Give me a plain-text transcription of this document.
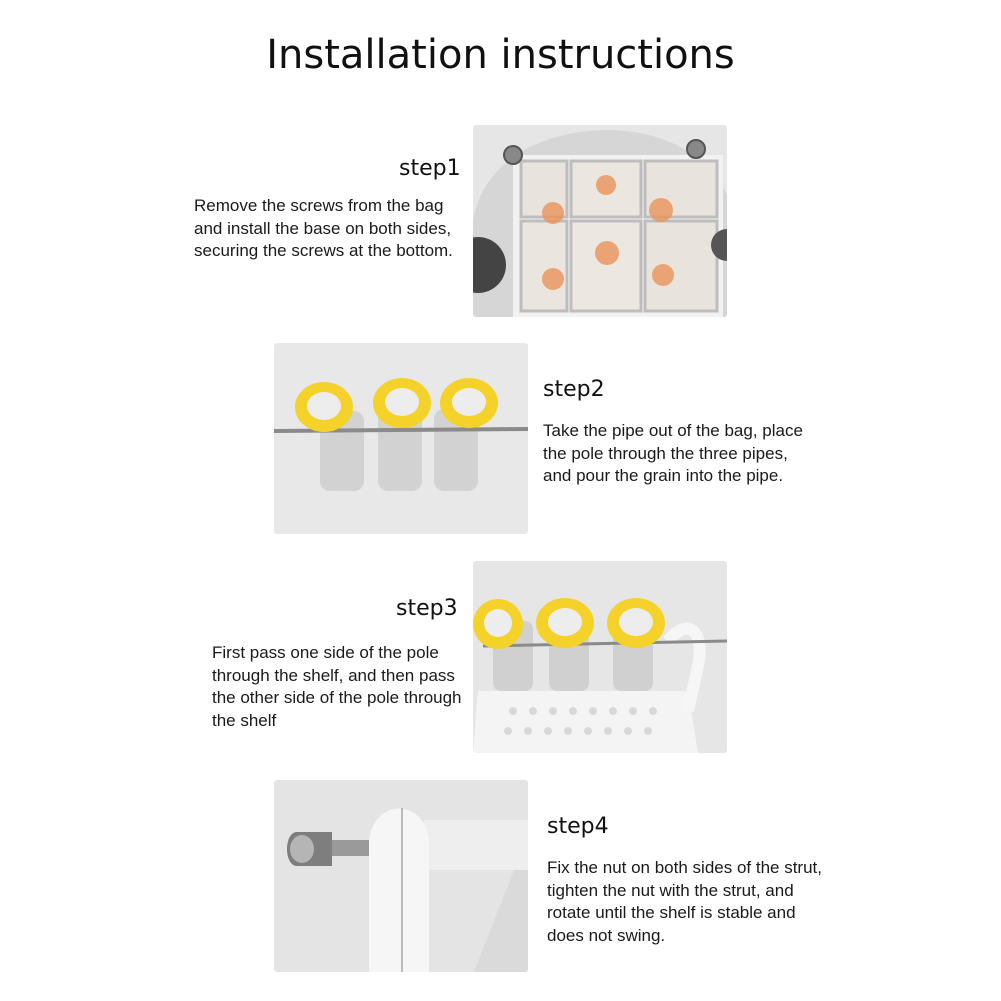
Installation instructions
step1
Remove the screws from the bag and install the base on both sides, securing the screws at the bottom.
step2
Take the pipe out of the bag, place the pole through the three pipes, and pour the grain into the pipe.
step3
First pass one side of the pole through the shelf, and then pass the other side of the pole through the shelf
step4
Fix the nut on both sides of the strut, tighten the nut with the strut, and rotate until the shelf is stable and does not swing.
